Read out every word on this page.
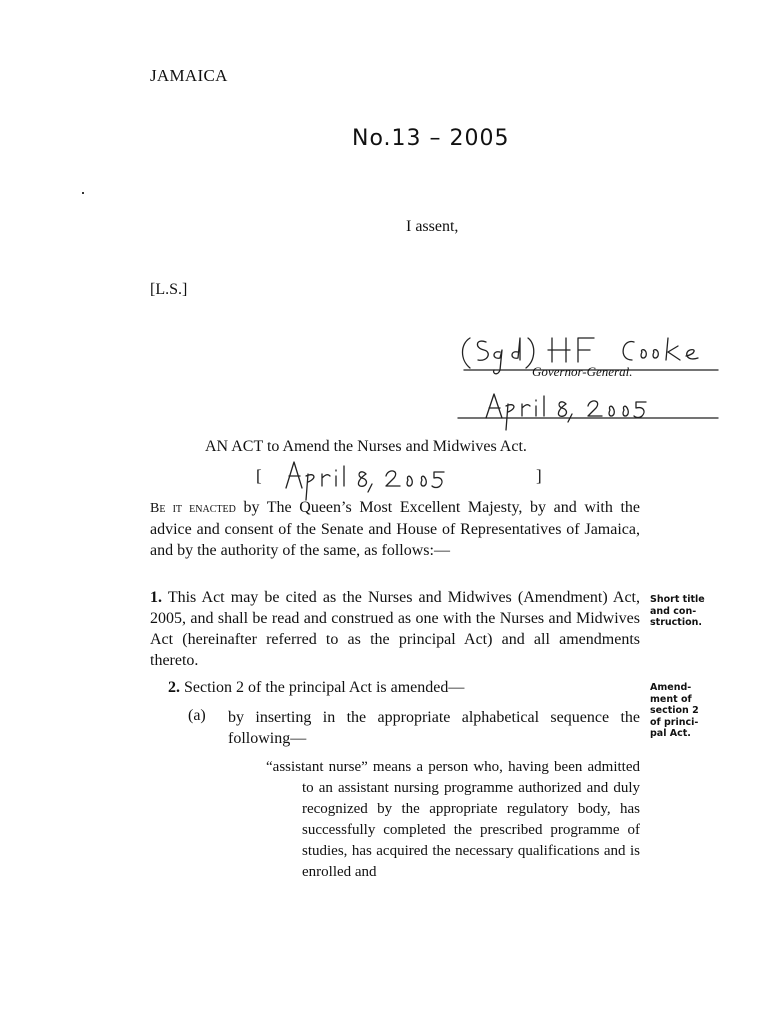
JAMAICA
No.13 – 2005
I assent,
[L.S.]
Governor-General.
AN ACT to Amend the Nurses and Midwives Act.
[	]
Be it enacted by The Queen’s Most Excellent Majesty, by and with the advice and consent of the Senate and House of Representatives of Jamaica, and by the authority of the same, as follows:—
1. This Act may be cited as the Nurses and Midwives (Amendment) Act, 2005, and shall be read and construed as one with the Nurses and Midwives Act (hereinafter referred to as the principal Act) and all amendments thereto.
Short title and con-struction.
2. Section 2 of the principal Act is amended—	Amend-ment of section 2 of princi-pal Act.
(a) by inserting in the appropriate alphabetical sequence the following—
“assistant nurse” means a person who, having been admitted to an assistant nursing programme authorized and duly recognized by the appropriate regulatory body, has successfully completed the prescribed programme of studies, has acquired the necessary qualifications and is enrolled and
